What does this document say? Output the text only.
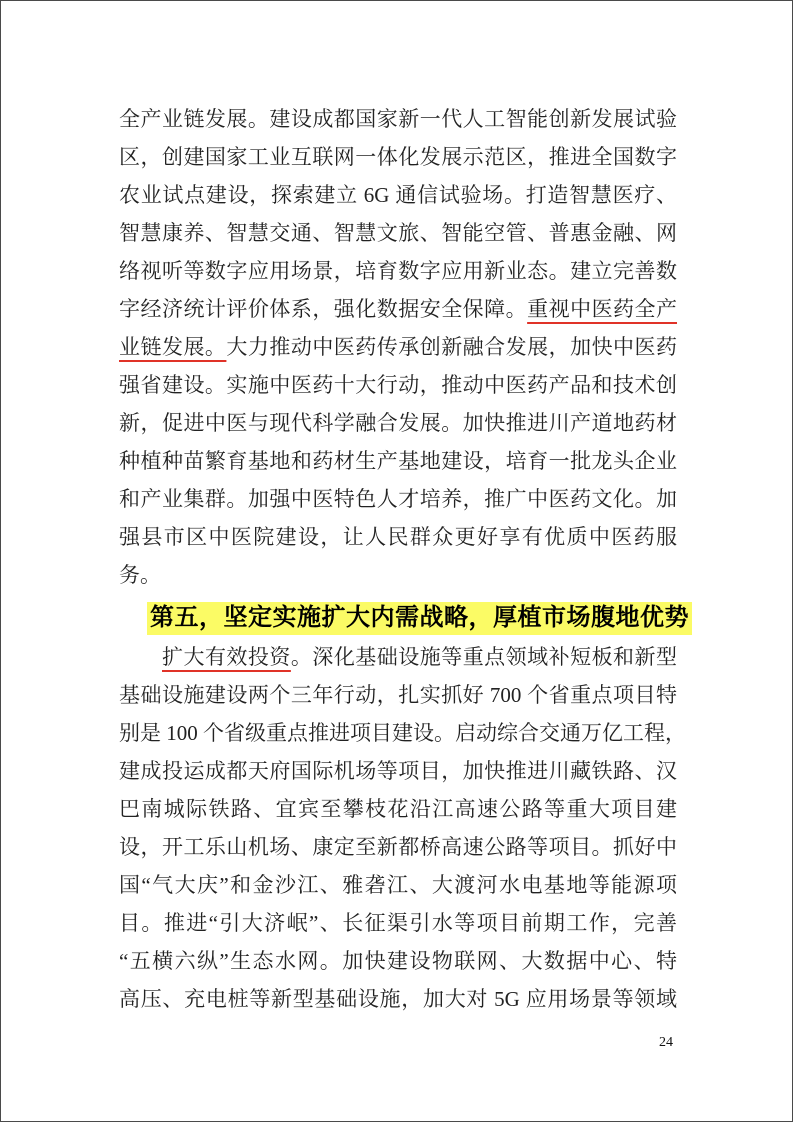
全产业链发展。建设成都国家新一代人工智能创新发展试验
区，创建国家工业互联网一体化发展示范区，推进全国数字
农业试点建设，探索建立 6G 通信试验场。打造智慧医疗、
智慧康养、智慧交通、智慧文旅、智能空管、普惠金融、网
络视听等数字应用场景，培育数字应用新业态。建立完善数
字经济统计评价体系，强化数据安全保障。重视中医药全产
业链发展。大力推动中医药传承创新融合发展，加快中医药
强省建设。实施中医药十大行动，推动中医药产品和技术创
新，促进中医与现代科学融合发展。加快推进川产道地药材
种植种苗繁育基地和药材生产基地建设，培育一批龙头企业
和产业集群。加强中医特色人才培养，推广中医药文化。加
强县市区中医院建设，让人民群众更好享有优质中医药服
务。
第五，坚定实施扩大内需战略，厚植市场腹地优势
扩大有效投资。深化基础设施等重点领域补短板和新型
基础设施建设两个三年行动，扎实抓好 700 个省重点项目特
别是 100 个省级重点推进项目建设。启动综合交通万亿工程，
建成投运成都天府国际机场等项目，加快推进川藏铁路、汉
巴南城际铁路、宜宾至攀枝花沿江高速公路等重大项目建
设，开工乐山机场、康定至新都桥高速公路等项目。抓好中
国“气大庆”和金沙江、雅砻江、大渡河水电基地等能源项
目。推进“引大济岷”、长征渠引水等项目前期工作，完善
“五横六纵”生态水网。加快建设物联网、大数据中心、特
高压、充电桩等新型基础设施，加大对 5G 应用场景等领域
24
